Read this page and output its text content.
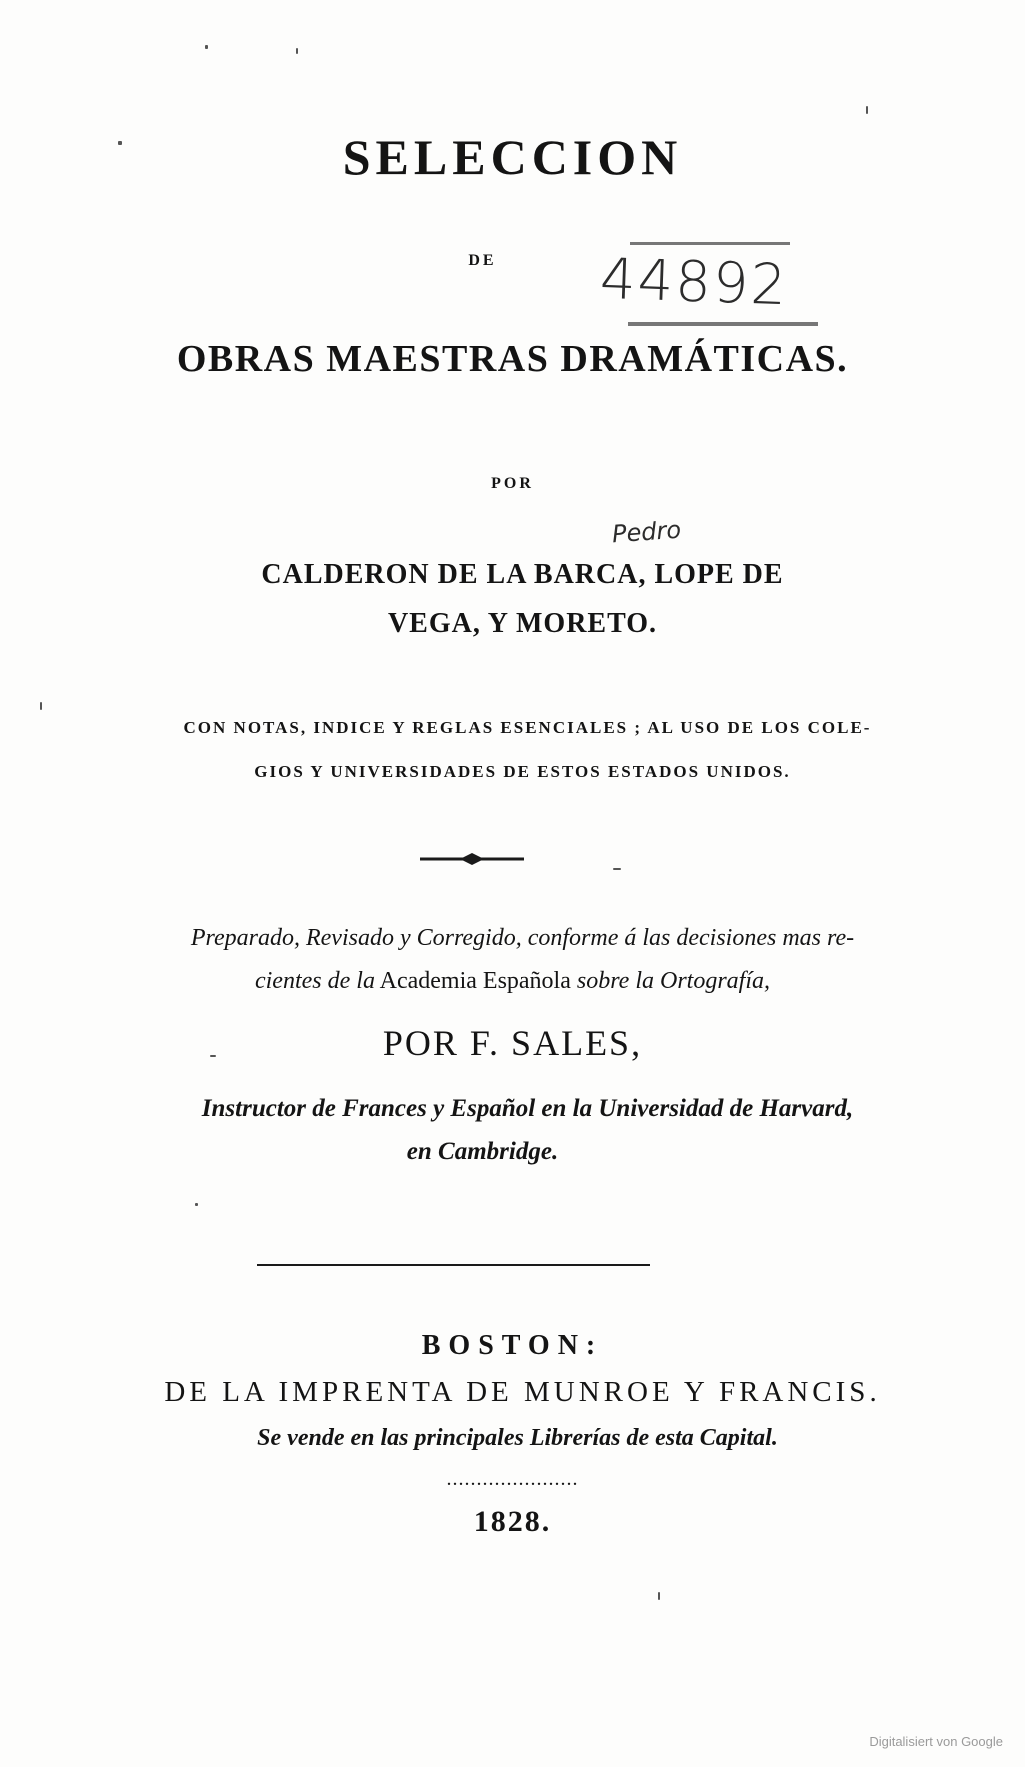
SELECCION
DE	44892
OBRAS MAESTRAS DRAMÁTICAS.
POR
Pedro
CALDERON DE LA BARCA, LOPE DE
VEGA, Y MORETO.
CON NOTAS, INDICE Y REGLAS ESENCIALES ; AL USO DE LOS COLE-
GIOS Y UNIVERSIDADES DE ESTOS ESTADOS UNIDOS.
Preparado, Revisado y Corregido, conforme á las decisiones mas re-
cientes de la Academia Española sobre la Ortografía,
POR F. SALES,
Instructor de Frances y Español en la Universidad de Harvard,
en Cambridge.
BOSTON:
DE LA IMPRENTA DE MUNROE Y FRANCIS.
Se vende en las principales Librerías de esta Capital.
......................
1828.
Digitalisiert von Google
